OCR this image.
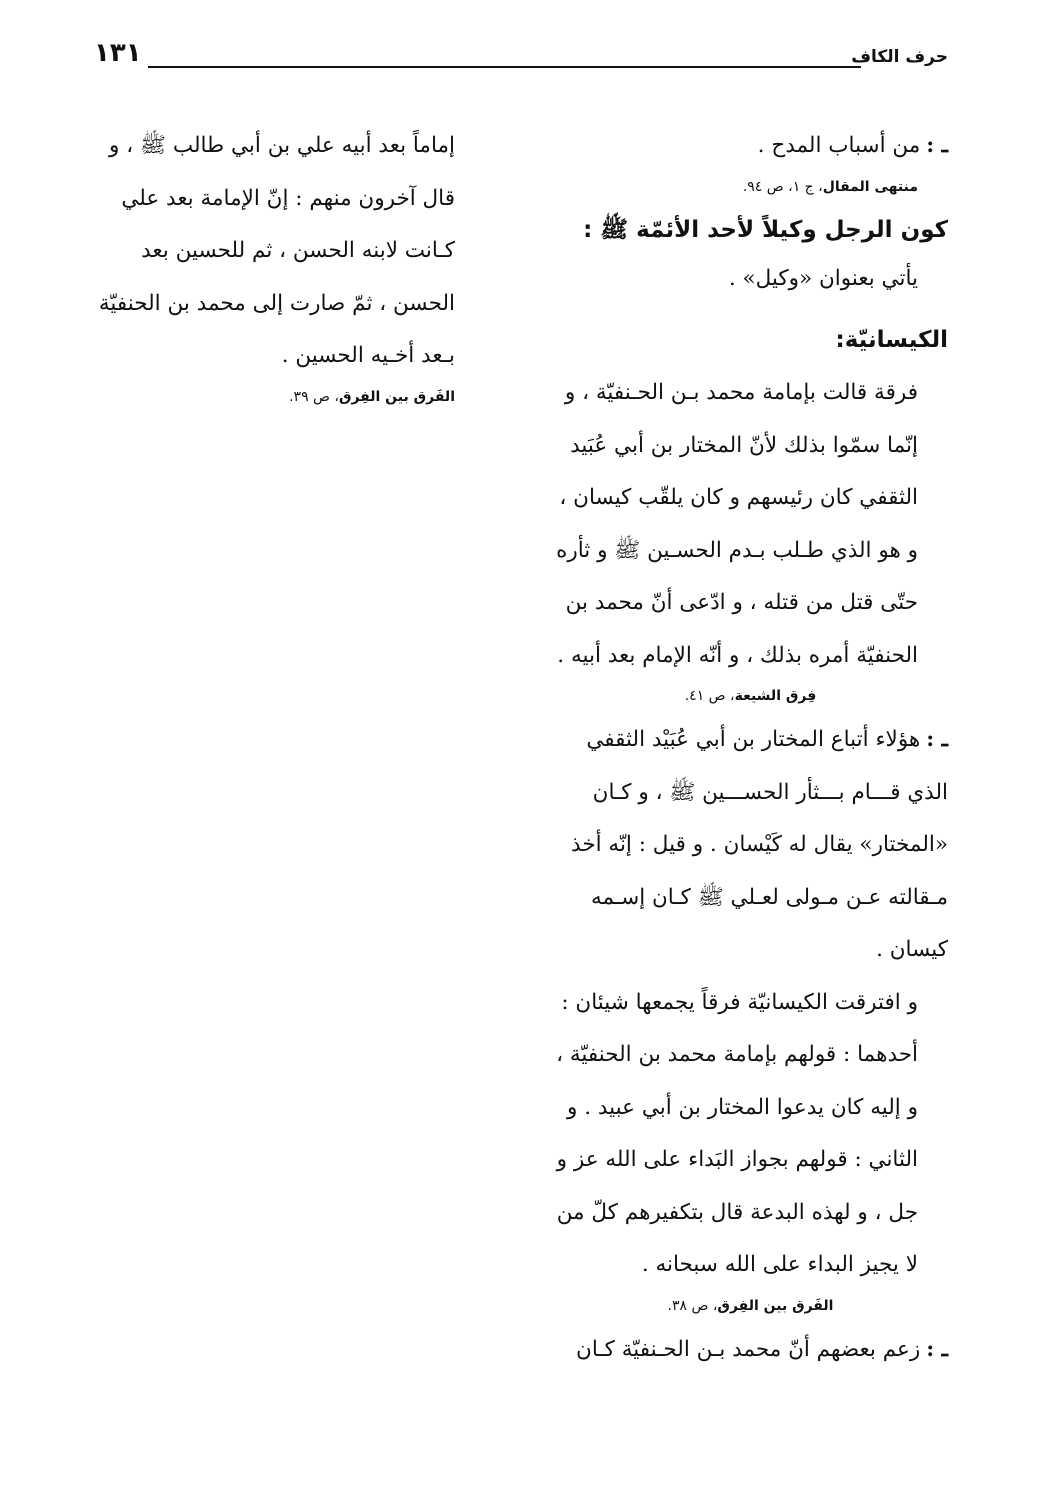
حرف الكاف
١٣١

ـ :من أسباب المدح .

منتهى المقال، ج ١، ص ٩٤.
كون الرجل وكيلاً لأحد الأئمّة ﷺ :

يأتي بعنوان «وكيل» .

الكيسانيّة:

فرقة قالت بإمامة محمد بـن الحـنفيّة ، و إنّما سمّوا بذلك لأنّ المختار بن أبي عُبَيد الثقفي كان رئيسهم و كان يلقّب كيسان ، و هو الذي طـلب بـدم الحسـين ﷺ و ثأره حتّى قتل من قتله ، و ادّعى أنّ محمد بن الحنفيّة أمره بذلك ، و أنّه الإمام بعد أبيه .

فِرق الشيعة، ص ٤١.

ـ :هؤلاء أتباع المختار بن أبي عُبَيْد الثقفي الذي قـــام بـــثأر الحســـين ﷺ ، و كـان «المختار» يقال له كَيْسان . و قيل : إنّه أخذ مـقالته عـن مـولى لعـلي ﷺ كـان إسـمه كيسان .

و افترقت الكيسانيّة فرقاً يجمعها شيئان : أحدهما : قولهم بإمامة محمد بن الحنفيّة ، و إليه كان يدعوا المختار بن أبي عبيد . و الثاني : قولهم بجواز البَداء على الله عز و جل ، و لهذه البدعة قال بتكفيرهم كلّ من لا يجيز البداء على الله سبحانه .

الفَرق بين الفِرق، ص ٣٨.

ـ :زعم بعضهم أنّ محمد بـن الحـنفيّة كـان

إماماً بعد أبيه علي بن أبي طالب ﷺ ، و قال آخرون منهم : إنّ الإمامة بعد علي كـانت لابنه الحسن ، ثم للحسين بعد الحسن ، ثمّ صارت إلى محمد بن الحنفيّة بـعد أخـيه الحسين .

الفَرق بين الفِرق، ص ٣٩.
